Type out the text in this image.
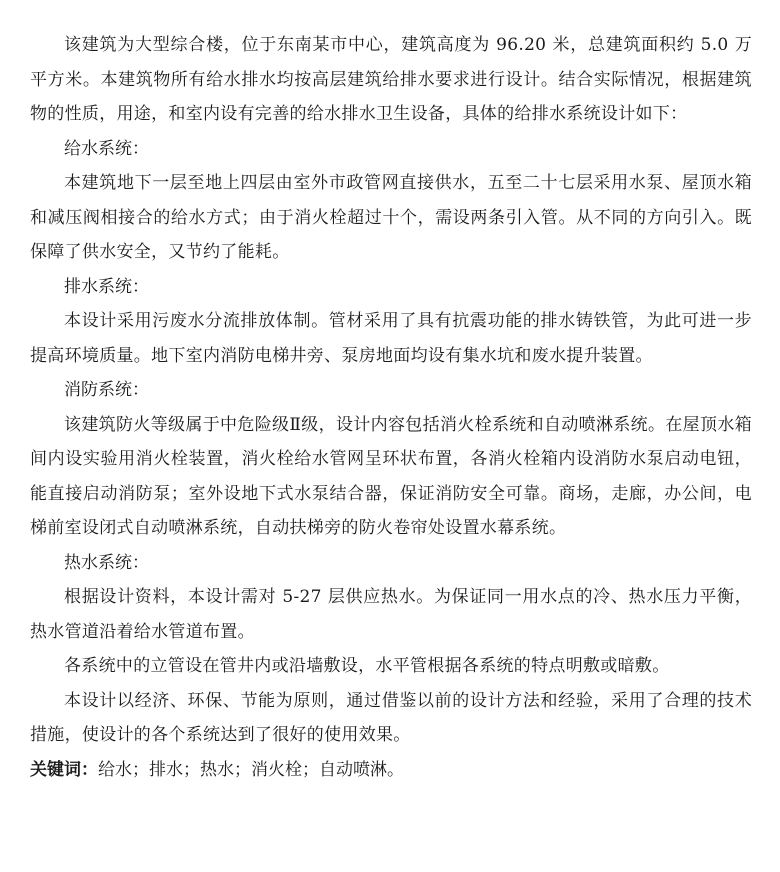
该建筑为大型综合楼，位于东南某市中心，建筑高度为 96.20 米，总建筑面积约 5.0 万平方米。本建筑物所有给水排水均按高层建筑给排水要求进行设计。结合实际情况，根据建筑物的性质，用途，和室内设有完善的给水排水卫生设备，具体的给排水系统设计如下：

给水系统：

本建筑地下一层至地上四层由室外市政管网直接供水，五至二十七层采用水泵、屋顶水箱和减压阀相接合的给水方式；由于消火栓超过十个，需设两条引入管。从不同的方向引入。既保障了供水安全，又节约了能耗。

排水系统：

本设计采用污废水分流排放体制。管材采用了具有抗震功能的排水铸铁管，为此可进一步提高环境质量。地下室内消防电梯井旁、泵房地面均设有集水坑和废水提升装置。

消防系统：

该建筑防火等级属于中危险级Ⅱ级，设计内容包括消火栓系统和自动喷淋系统。在屋顶水箱间内设实验用消火栓装置，消火栓给水管网呈环状布置，各消火栓箱内设消防水泵启动电钮，能直接启动消防泵；室外设地下式水泵结合器，保证消防安全可靠。商场，走廊，办公间，电梯前室设闭式自动喷淋系统，自动扶梯旁的防火卷帘处设置水幕系统。

热水系统：

根据设计资料，本设计需对 5-27 层供应热水。为保证同一用水点的冷、热水压力平衡，热水管道沿着给水管道布置。

各系统中的立管设在管井内或沿墙敷设，水平管根据各系统的特点明敷或暗敷。

本设计以经济、环保、节能为原则，通过借鉴以前的设计方法和经验，采用了合理的技术措施，使设计的各个系统达到了很好的使用效果。

关键词：给水；排水；热水；消火栓；自动喷淋。
